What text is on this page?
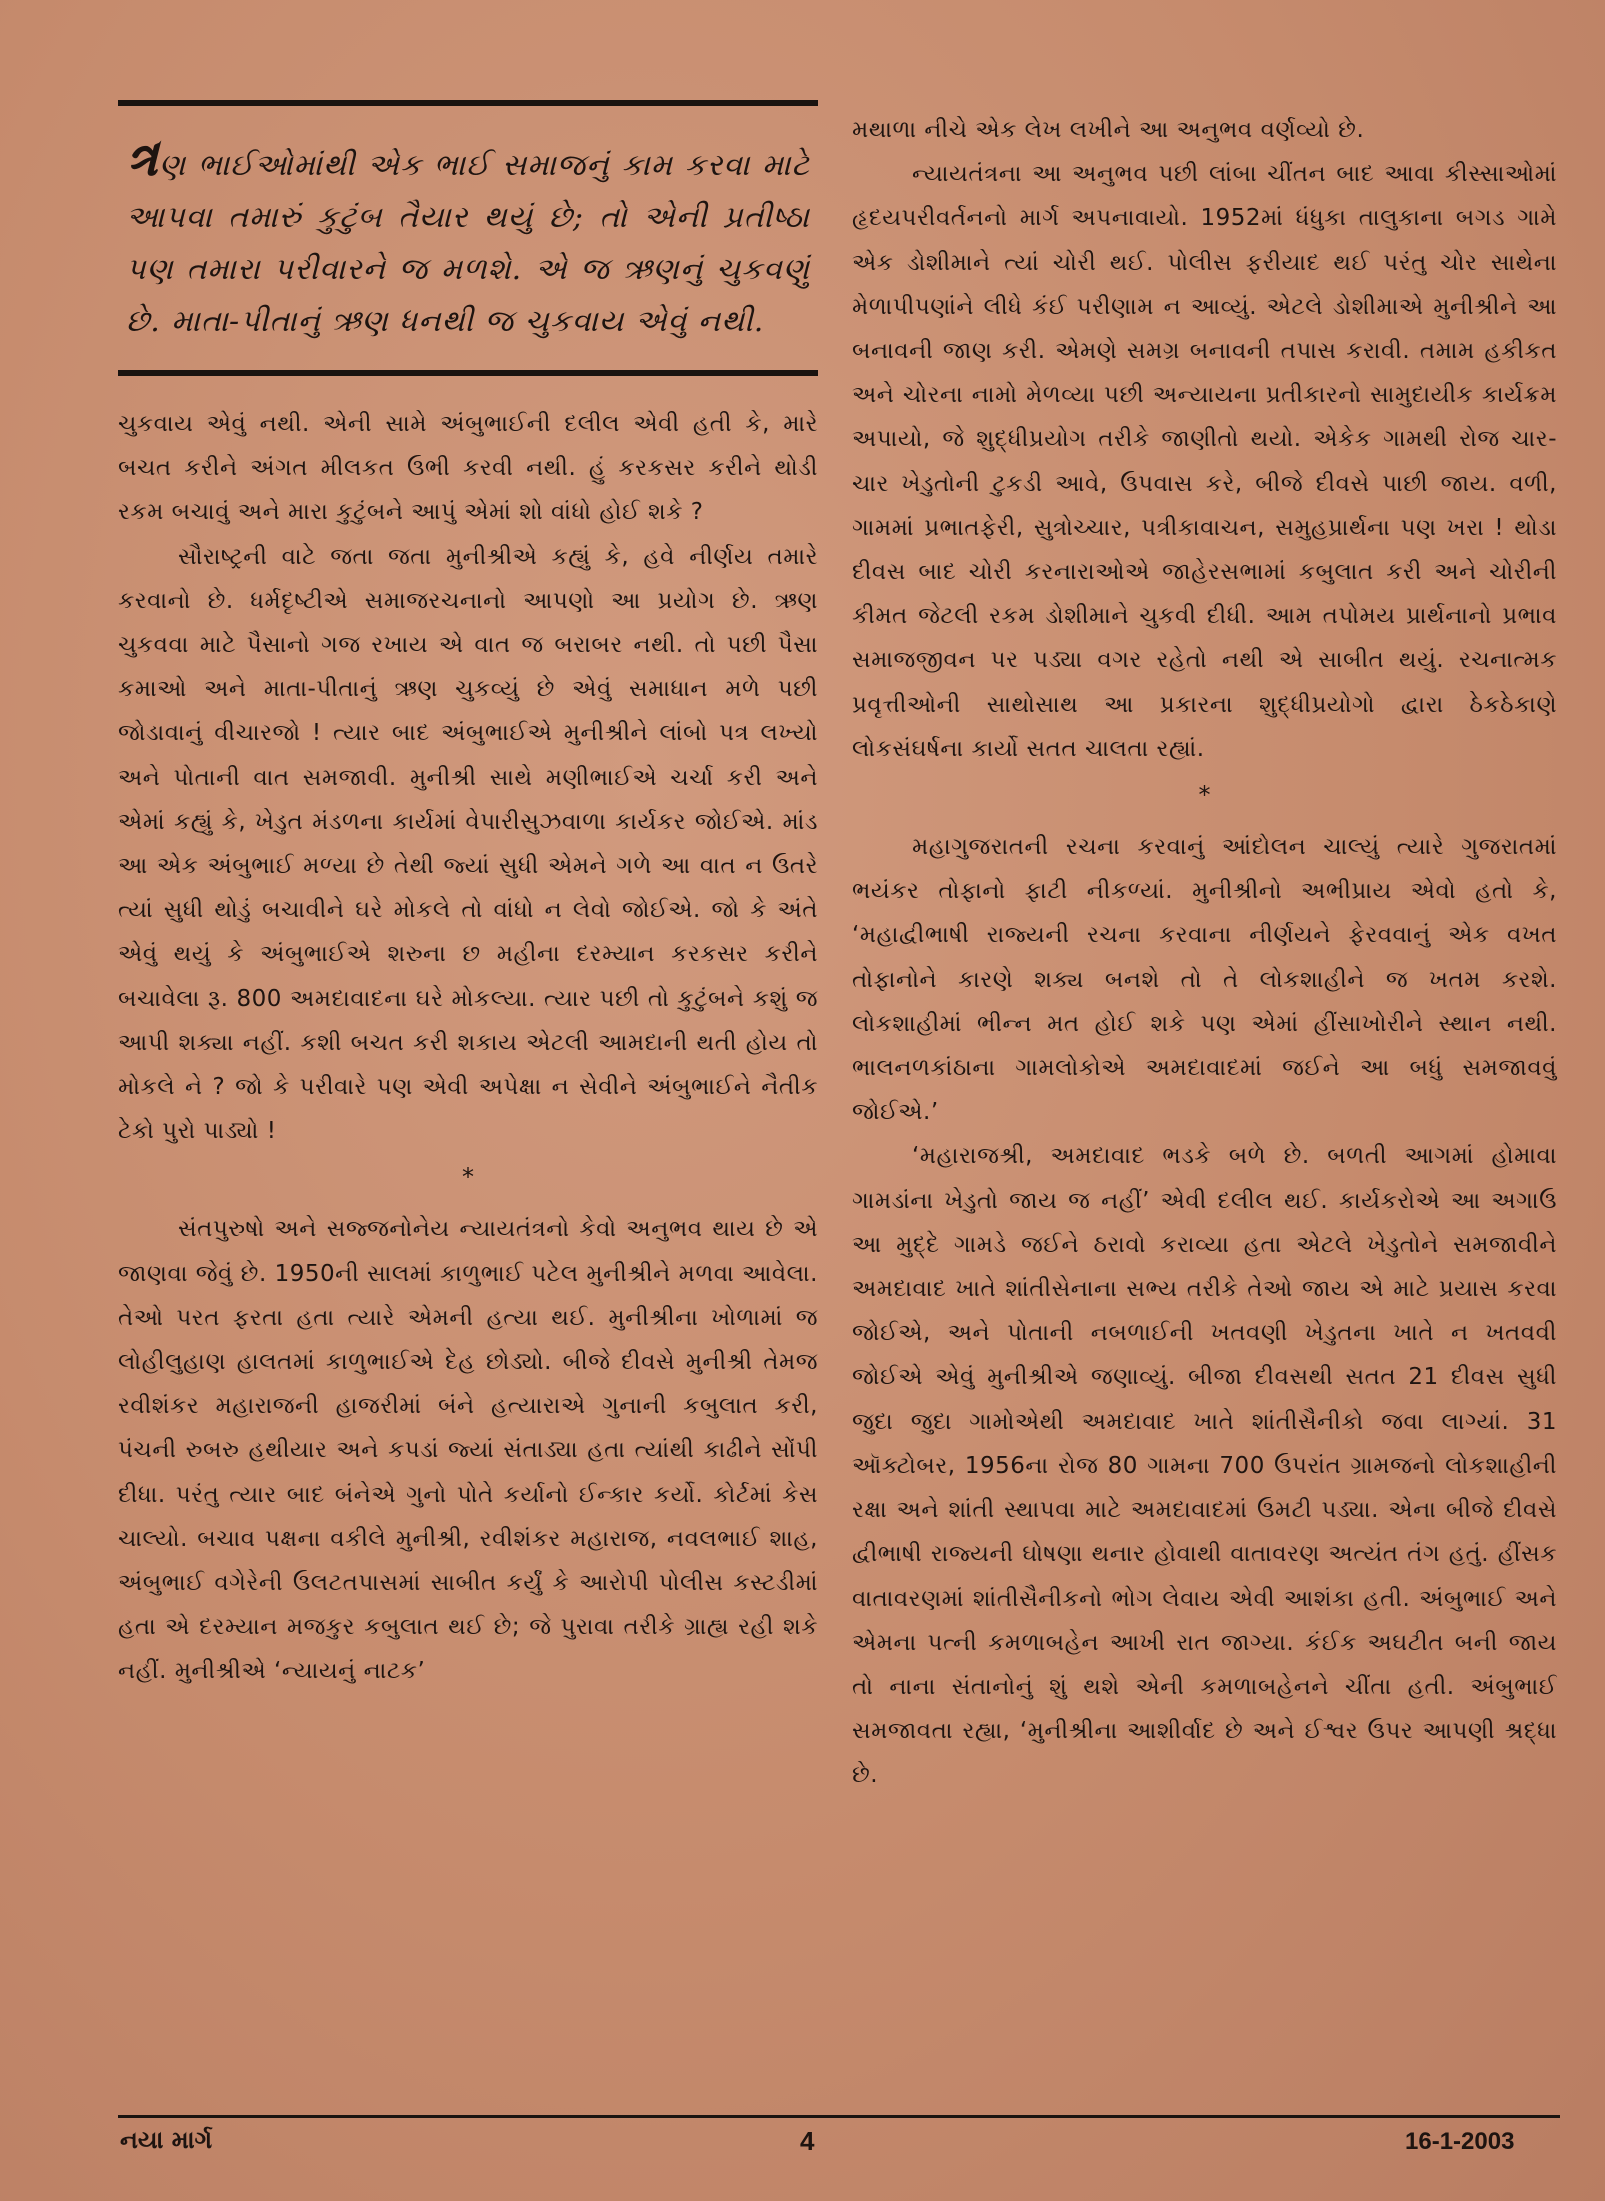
ત્રણ ભાઈઓમાંથી એક ભાઈ સમાજનું કામ કરવા માટે આપવા તમારું કુટુંબ તૈયાર થયું છે; તો એની પ્રતીષ્ઠા પણ તમારા પરીવારને જ મળશે. એ જ ઋણનું ચુકવણું છે. માતા-પીતાનું ઋણ ધનથી જ ચુકવાય એવું નથી.

ચુકવાય એવું નથી. એની સામે અંબુભાઈની દલીલ એવી હતી કે, મારે બચત કરીને અંગત મીલકત ઉભી કરવી નથી. હું કરકસર કરીને થોડી રકમ બચાવું અને મારા કુટુંબને આપું એમાં શો વાંધો હોઈ શકે ?

સૌરાષ્ટ્રની વાટે જતા જતા મુનીશ્રીએ કહ્યું કે, હવે નીર્ણય તમારે કરવાનો છે. ધર્મદૃષ્ટીએ સમાજરચનાનો આપણો આ પ્રયોગ છે. ઋણ ચુકવવા માટે પૈસાનો ગજ રખાય એ વાત જ બરાબર નથી. તો પછી પૈસા કમાઓ અને માતા-પીતાનું ઋણ ચુકવ્યું છે એવું સમાધાન મળે પછી જોડાવાનું વીચારજો ! ત્યાર બાદ અંબુભાઈએ મુનીશ્રીને લાંબો પત્ર લખ્યો અને પોતાની વાત સમજાવી. મુનીશ્રી સાથે મણીભાઈએ ચર્ચા કરી અને એમાં કહ્યું કે, ખેડુત મંડળના કાર્યમાં વેપારીસુઝવાળા કાર્યકર જોઈએ. માંડ આ એક અંબુભાઈ મળ્યા છે તેથી જ્યાં સુધી એમને ગળે આ વાત ન ઉતરે ત્યાં સુધી થોડું બચાવીને ઘરે મોકલે તો વાંધો ન લેવો જોઈએ. જો કે અંતે એવું થયું કે અંબુભાઈએ શરુના છ મહીના દરમ્યાન કરકસર કરીને બચાવેલા રૂ. 800 અમદાવાદના ઘરે મોકલ્યા. ત્યાર પછી તો કુટુંબને કશું જ આપી શક્યા નહીં. કશી બચત કરી શકાય એટલી આમદાની થતી હોય તો મોકલે ને ? જો કે પરીવારે પણ એવી અપેક્ષા ન સેવીને અંબુભાઈને નૈતીક ટેકો પુરો પાડ્યો !

*

સંતપુરુષો અને સજ્જનોનેય ન્યાયતંત્રનો કેવો અનુભવ થાય છે એ જાણવા જેવું છે. 1950ની સાલમાં કાળુભાઈ પટેલ મુનીશ્રીને મળવા આવેલા. તેઓ પરત ફરતા હતા ત્યારે એમની હત્યા થઈ. મુનીશ્રીના ખોળામાં જ લોહીલુહાણ હાલતમાં કાળુભાઈએ દેહ છોડ્યો. બીજે દીવસે મુનીશ્રી તેમજ રવીશંકર મહારાજની હાજરીમાં બંને હત્યારાએ ગુનાની કબુલાત કરી, પંચની રુબરુ હથીયાર અને કપડાં જ્યાં સંતાડ્યા હતા ત્યાંથી કાઢીને સોંપી દીધા. પરંતુ ત્યાર બાદ બંનેએ ગુનો પોતે કર્યાનો ઈન્કાર કર્યો. કોર્ટમાં કેસ ચાલ્યો. બચાવ પક્ષના વકીલે મુનીશ્રી, રવીશંકર મહારાજ, નવલભાઈ શાહ, અંબુભાઈ વગેરેની ઉલટતપાસમાં સાબીત કર્યું કે આરોપી પોલીસ કસ્ટડીમાં હતા એ દરમ્યાન મજકુર કબુલાત થઈ છે; જે પુરાવા તરીકે ગ્રાહ્ય રહી શકે નહીં. મુનીશ્રીએ ‘ન્યાયનું નાટક’

મથાળા નીચે એક લેખ લખીને આ અનુભવ વર્ણવ્યો છે.

ન્યાયતંત્રના આ અનુભવ પછી લાંબા ચીંતન બાદ આવા કીસ્સાઓમાં હૃદયપરીવર્તનનો માર્ગ અપનાવાયો. 1952માં ધંધુકા તાલુકાના બગડ ગામે એક ડોશીમાને ત્યાં ચોરી થઈ. પોલીસ ફરીયાદ થઈ પરંતુ ચોર સાથેના મેળાપીપણાંને લીધે કંઈ પરીણામ ન આવ્યું. એટલે ડોશીમાએ મુનીશ્રીને આ બનાવની જાણ કરી. એમણે સમગ્ર બનાવની તપાસ કરાવી. તમામ હકીકત અને ચોરના નામો મેળવ્યા પછી અન્યાયના પ્રતીકારનો સામુદાયીક કાર્યક્રમ અપાયો, જે શુદ્ધીપ્રયોગ તરીકે જાણીતો થયો. એકેક ગામથી રોજ ચાર-ચાર ખેડુતોની ટુકડી આવે, ઉપવાસ કરે, બીજે દીવસે પાછી જાય. વળી, ગામમાં પ્રભાતફેરી, સુત્રોચ્ચાર, પત્રીકાવાચન, સમુહપ્રાર્થના પણ ખરા ! થોડા દીવસ બાદ ચોરી કરનારાઓએ જાહેરસભામાં કબુલાત કરી અને ચોરીની કીમત જેટલી રકમ ડોશીમાને ચુકવી દીધી. આમ તપોમય પ્રાર્થનાનો પ્રભાવ સમાજજીવન પર પડ્યા વગર રહેતો નથી એ સાબીત થયું. રચનાત્મક પ્રવૃત્તીઓની સાથોસાથ આ પ્રકારના શુદ્ધીપ્રયોગો દ્વારા ઠેકઠેકાણે લોકસંઘર્ષના કાર્યો સતત ચાલતા રહ્યાં.

*

મહાગુજરાતની રચના કરવાનું આંદોલન ચાલ્યું ત્યારે ગુજરાતમાં ભયંકર તોફાનો ફાટી નીકળ્યાં. મુનીશ્રીનો અભીપ્રાય એવો હતો કે, ‘મહાદ્વીભાષી રાજ્યની રચના કરવાના નીર્ણયને ફેરવવાનું એક વખત તોફાનોને કારણે શક્ય બનશે તો તે લોકશાહીને જ ખતમ કરશે. લોકશાહીમાં ભીન્ન મત હોઈ શકે પણ એમાં હીંસાખોરીને સ્થાન નથી. ભાલનળકાંઠાના ગામલોકોએ અમદાવાદમાં જઈને આ બધું સમજાવવું જોઈએ.’

‘મહારાજશ્રી, અમદાવાદ ભડકે બળે છે. બળતી આગમાં હોમાવા ગામડાંના ખેડુતો જાય જ નહીં’ એવી દલીલ થઈ. કાર્યકરોએ આ અગાઉ આ મુદ્દે ગામડે જઈને ઠરાવો કરાવ્યા હતા એટલે ખેડુતોને સમજાવીને અમદાવાદ ખાતે શાંતીસેનાના સભ્ય તરીકે તેઓ જાય એ માટે પ્રયાસ કરવા જોઈએ, અને પોતાની નબળાઈની ખતવણી ખેડુતના ખાતે ન ખતવવી જોઈએ એવું મુનીશ્રીએ જણાવ્યું. બીજા દીવસથી સતત 21 દીવસ સુધી જુદા જુદા ગામોએથી અમદાવાદ ખાતે શાંતીસૈનીકો જવા લાગ્યાં. 31 ઑક્ટોબર, 1956ના રોજ 80 ગામના 700 ઉપરાંત ગ્રામજનો લોકશાહીની રક્ષા અને શાંતી સ્થાપવા માટે અમદાવાદમાં ઉમટી પડ્યા. એના બીજે દીવસે દ્વીભાષી રાજ્યની ઘોષણા થનાર હોવાથી વાતાવરણ અત્યંત તંગ હતું. હીંસક વાતાવરણમાં શાંતીસૈનીકનો ભોગ લેવાય એવી આશંકા હતી. અંબુભાઈ અને એમના પત્ની કમળાબહેન આખી રાત જાગ્યા. કંઈક અઘટીત બની જાય તો નાના સંતાનોનું શું થશે એની કમળાબહેનને ચીંતા હતી. અંબુભાઈ સમજાવતા રહ્યા, ‘મુનીશ્રીના આશીર્વાદ છે અને ઈશ્વર ઉપર આપણી શ્રદ્ધા છે.

નયા માર્ગ	4	16-1-2003
